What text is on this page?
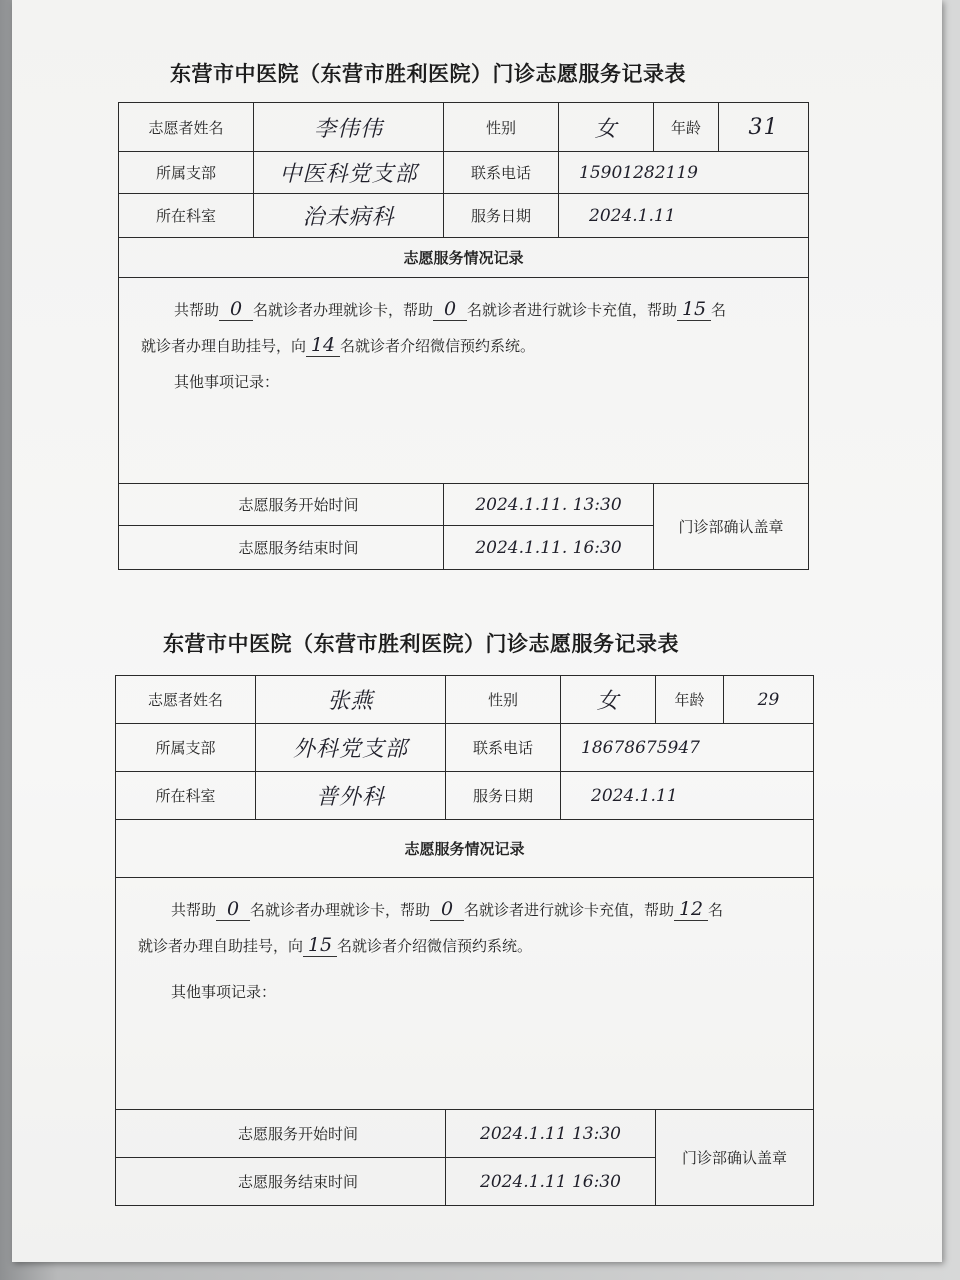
东营市中医院（东营市胜利医院）门诊志愿服务记录表
志愿者姓名	李伟伟	性别	女	年龄	31
所属支部	中医科党支部	联系电话	15901282119		
所在科室	治未病科	服务日期	2024.1.11		
志愿服务情况记录					

共帮助 0 名就诊者办理就诊卡，帮助 0 名就诊者进行就诊卡充值，帮助 15 名
就诊者办理自助挂号，向 14 名就诊者介绍微信预约系统。
其他事项记录：					

志愿服务开始时间		2024.1.11. 13:30		门诊部确认盖章	
志愿服务结束时间		2024.1.11. 16:30			
东营市中医院（东营市胜利医院）门诊志愿服务记录表
志愿者姓名	张燕	性别	女	年龄	29
所属支部	外科党支部	联系电话	18678675947		
所在科室	普外科	服务日期	2024.1.11		
志愿服务情况记录					

共帮助 0 名就诊者办理就诊卡，帮助 0 名就诊者进行就诊卡充值，帮助 12 名
就诊者办理自助挂号，向 15 名就诊者介绍微信预约系统。
其他事项记录：					

志愿服务开始时间		2024.1.11 13:30		门诊部确认盖章	
志愿服务结束时间		2024.1.11 16:30			
